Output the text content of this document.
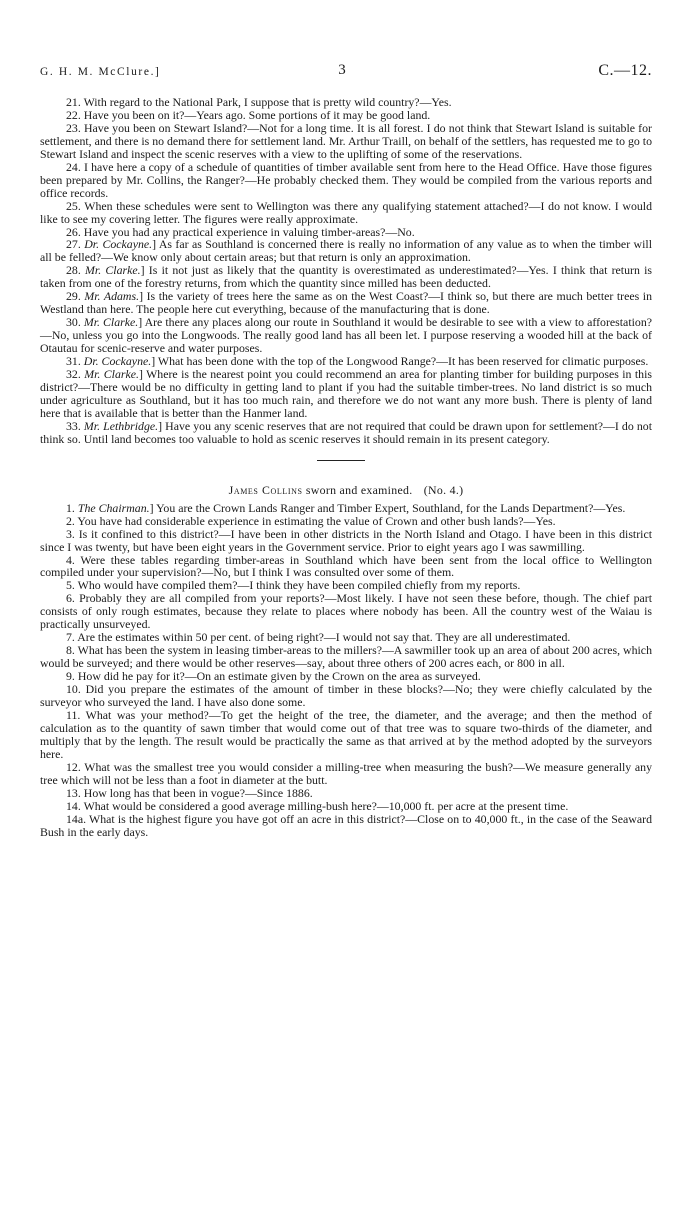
G. H. M. McClure.]	3	C.—12.

21. With regard to the National Park, I suppose that is pretty wild country?—Yes.

22. Have you been on it?—Years ago. Some portions of it may be good land.

23. Have you been on Stewart Island?—Not for a long time. It is all forest. I do not think that Stewart Island is suitable for settlement, and there is no demand there for settlement land. Mr. Arthur Traill, on behalf of the settlers, has requested me to go to Stewart Island and inspect the scenic reserves with a view to the uplifting of some of the reservations.

24. I have here a copy of a schedule of quantities of timber available sent from here to the Head Office. Have those figures been prepared by Mr. Collins, the Ranger?—He probably checked them. They would be compiled from the various reports and office records.

25. When these schedules were sent to Wellington was there any qualifying statement attached?—I do not know. I would like to see my covering letter. The figures were really approximate.

26. Have you had any practical experience in valuing timber-areas?—No.

27. Dr. Cockayne.] As far as Southland is concerned there is really no information of any value as to when the timber will all be felled?—We know only about certain areas; but that return is only an approximation.

28. Mr. Clarke.] Is it not just as likely that the quantity is overestimated as underestimated?—Yes. I think that return is taken from one of the forestry returns, from which the quantity since milled has been deducted.

29. Mr. Adams.] Is the variety of trees here the same as on the West Coast?—I think so, but there are much better trees in Westland than here. The people here cut everything, because of the manufacturing that is done.

30. Mr. Clarke.] Are there any places along our route in Southland it would be desirable to see with a view to afforestation?—No, unless you go into the Longwoods. The really good land has all been let. I purpose reserving a wooded hill at the back of Otautau for scenic-reserve and water purposes.

31. Dr. Cockayne.] What has been done with the top of the Longwood Range?—It has been reserved for climatic purposes.

32. Mr. Clarke.] Where is the nearest point you could recommend an area for planting timber for building purposes in this district?—There would be no difficulty in getting land to plant if you had the suitable timber-trees. No land district is so much under agriculture as Southland, but it has too much rain, and therefore we do not want any more bush. There is plenty of land here that is available that is better than the Hanmer land.

33. Mr. Lethbridge.] Have you any scenic reserves that are not required that could be drawn upon for settlement?—I do not think so. Until land becomes too valuable to hold as scenic reserves it should remain in its present category.

James Collins sworn and examined. (No. 4.)

1. The Chairman.] You are the Crown Lands Ranger and Timber Expert, Southland, for the Lands Department?—Yes.

2. You have had considerable experience in estimating the value of Crown and other bush lands?—Yes.

3. Is it confined to this district?—I have been in other districts in the North Island and Otago. I have been in this district since I was twenty, but have been eight years in the Government service. Prior to eight years ago I was sawmilling.

4. Were these tables regarding timber-areas in Southland which have been sent from the local office to Wellington compiled under your supervision?—No, but I think I was consulted over some of them.

5. Who would have compiled them?—I think they have been compiled chiefly from my reports.

6. Probably they are all compiled from your reports?—Most likely. I have not seen these before, though. The chief part consists of only rough estimates, because they relate to places where nobody has been. All the country west of the Waiau is practically unsurveyed.

7. Are the estimates within 50 per cent. of being right?—I would not say that. They are all underestimated.

8. What has been the system in leasing timber-areas to the millers?—A sawmiller took up an area of about 200 acres, which would be surveyed; and there would be other reserves—say, about three others of 200 acres each, or 800 in all.

9. How did he pay for it?—On an estimate given by the Crown on the area as surveyed.

10. Did you prepare the estimates of the amount of timber in these blocks?—No; they were chiefly calculated by the surveyor who surveyed the land. I have also done some.

11. What was your method?—To get the height of the tree, the diameter, and the average; and then the method of calculation as to the quantity of sawn timber that would come out of that tree was to square two-thirds of the diameter, and multiply that by the length. The result would be practically the same as that arrived at by the method adopted by the surveyors here.

12. What was the smallest tree you would consider a milling-tree when measuring the bush?—We measure generally any tree which will not be less than a foot in diameter at the butt.

13. How long has that been in vogue?—Since 1886.

14. What would be considered a good average milling-bush here?—10,000 ft. per acre at the present time.

14a. What is the highest figure you have got off an acre in this district?—Close on to 40,000 ft., in the case of the Seaward Bush in the early days.
